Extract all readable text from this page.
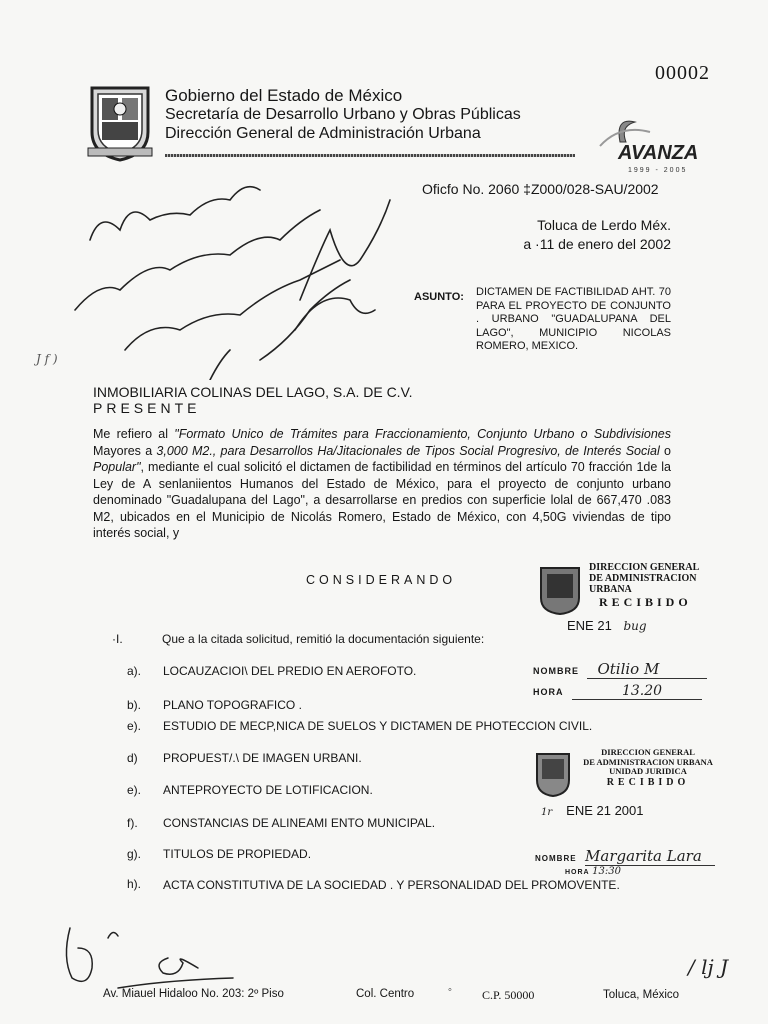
00002
Gobierno del Estado de México
Secretaría de Desarrollo Urbano y Obras Públicas
Dirección General de Administración Urbana
AVANZA
1999 - 2005
Oficfo No. 2060 ‡Z000/028-SAU/2002
Toluca de Lerdo Méx.
a ·11 de enero del 2002
ASUNTO: DICTAMEN DE FACTIBILIDAD AHT. 70 PARA EL PROYECTO DE CONJUNTO . URBANO "GUADALUPANA DEL LAGO", MUNICIPIO NICOLAS ROMERO, MEXICO.
Recibi Original Inmobiliaria Colinas del Lago Arq. Carlos I. Pascual 11 / ENE / 02
J f )
INMOBILIARIA COLINAS DEL LAGO, S.A. DE C.V.
PRESENTE
Me refiero al "Formato Unico de Trámites para Fraccionamiento, Conjunto Urbano o Subdivisiones Mayores a 3,000 M2., para Desarrollos Ha/Jitacionales de Tipos Social Progresivo, de Interés Social o Popular", mediante el cual solicitó el dictamen de factibilidad en términos del artículo 70 fracción 1de la Ley de A senlaniientos Humanos del Estado de México, para el proyecto de conjunto urbano denominado "Guadalupana del Lago", a desarrollarse en predios con superficie lolal de 667,470 .083 M2, ubicados en el Municipio de Nicolás Romero, Estado de México, con 4,50G viviendas de tipo interés social, y
CONSIDERANDO
DIRECCION GENERAL
DE ADMINISTRACION URBANA
RECIBIDO
ENE 21 bug
NOMBRE Otilio M
HORA	13.20
·I.	Que a la citada solicitud, remitió la documentación siguiente:
a). LOCAUZACIOI\ DEL PREDIO EN AEROFOTO.
b). PLANO TOPOGRAFICO .
e). ESTUDIO DE MECP,NICA DE SUELOS Y DICTAMEN DE PHOTECCION CIVIL.
d) PROPUEST/.\ DE IMAGEN URBANI.
e). ANTEPROYECTO DE LOTIFICACION.
f). CONSTANCIAS DE ALINEAMI ENTO MUNICIPAL.
g). TITULOS DE PROPIEDAD.
h).	ACTA CONSTITUTIVA DE LA SOCIEDAD . Y PERSONALIDAD DEL PROMOVENTE.
DIRECCION GENERAL
DE ADMINISTRACION URBANA
UNIDAD JURIDICA
RECIBIDO
1r ENE 21 2001
NOMBRE Margarita Lara
HORA 13:30
/ lj J
Av. Miauel Hidaloo No. 203: 2º Piso	Col. Centro	◦	C.P. 50000	Toluca, México
